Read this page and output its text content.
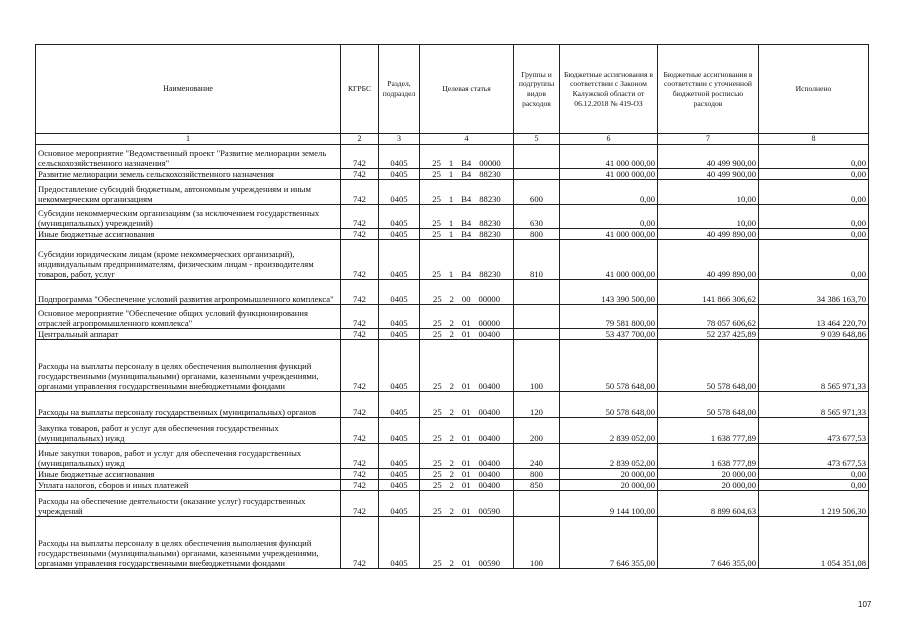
Наименование	КГРБС	Раздел, подраздел	Целевая статья	Группы и подгруппы видов расходов	Бюджетные ассигнования в соответствии с Законом Калужской области от 06.12.2018 № 419-ОЗ	Бюджетные ассигнования в соответствии с уточненной бюджетной росписью расходов	Исполнено
1	2	3	4	5	6	7	8
Основное мероприятие "Ведомственный проект "Развитие мелиорации земель сельскохозяйственного назначения"	742	0405	25 1 В4 00000		41 000 000,00	40 499 900,00	0,00
Развитие мелиорации земель сельскохозяйственного назначения	742	0405	25 1 В4 88230		41 000 000,00	40 499 900,00	0,00
Предоставление субсидий бюджетным, автономным учреждениям и иным некоммерческим организациям	742	0405	25 1 В4 88230	600	0,00	10,00	0,00
Субсидии некоммерческим организациям (за исключением государственных (муниципальных) учреждений)	742	0405	25 1 В4 88230	630	0,00	10,00	0,00
Иные бюджетные ассигнования	742	0405	25 1 В4 88230	800	41 000 000,00	40 499 890,00	0,00
Субсидии юридическим лицам (кроме некоммерческих организаций), индивидуальным предпринимателям, физическим лицам - производителям товаров, работ, услуг	742	0405	25 1 В4 88230	810	41 000 000,00	40 499 890,00	0,00
Подпрограмма "Обеспечение условий развития агропромышленного комплекса"	742	0405	25 2 00 00000		143 390 500,00	141 866 306,62	34 386 163,70
Основное мероприятие "Обеспечение общих условий функционирования отраслей агропромышленного комплекса"	742	0405	25 2 01 00000		79 581 800,00	78 057 606,62	13 464 220,70
Центральный аппарат	742	0405	25 2 01 00400		53 437 700,00	52 237 425,89	9 039 648,86
Расходы на выплаты персоналу в целях обеспечения выполнения функций государственными (муниципальными) органами, казенными учреждениями, органами управления государственными внебюджетными фондами	742	0405	25 2 01 00400	100	50 578 648,00	50 578 648,00	8 565 971,33
Расходы на выплаты персоналу государственных (муниципальных) органов	742	0405	25 2 01 00400	120	50 578 648,00	50 578 648,00	8 565 971,33
Закупка товаров, работ и услуг для обеспечения государственных (муниципальных) нужд	742	0405	25 2 01 00400	200	2 839 052,00	1 638 777,89	473 677,53
Иные закупки товаров, работ и услуг для обеспечения государственных (муниципальных) нужд	742	0405	25 2 01 00400	240	2 839 052,00	1 638 777,89	473 677,53
Иные бюджетные ассигнования	742	0405	25 2 01 00400	800	20 000,00	20 000,00	0,00
Уплата налогов, сборов и иных платежей	742	0405	25 2 01 00400	850	20 000,00	20 000,00	0,00
Расходы на обеспечение деятельности (оказание услуг) государственных учреждений	742	0405	25 2 01 00590		9 144 100,00	8 899 604,63	1 219 506,30
Расходы на выплаты персоналу в целях обеспечения выполнения функций государственными (муниципальными) органами, казенными учреждениями, органами управления государственными внебюджетными фондами	742	0405	25 2 01 00590	100	7 646 355,00	7 646 355,00	1 054 351,08
107
